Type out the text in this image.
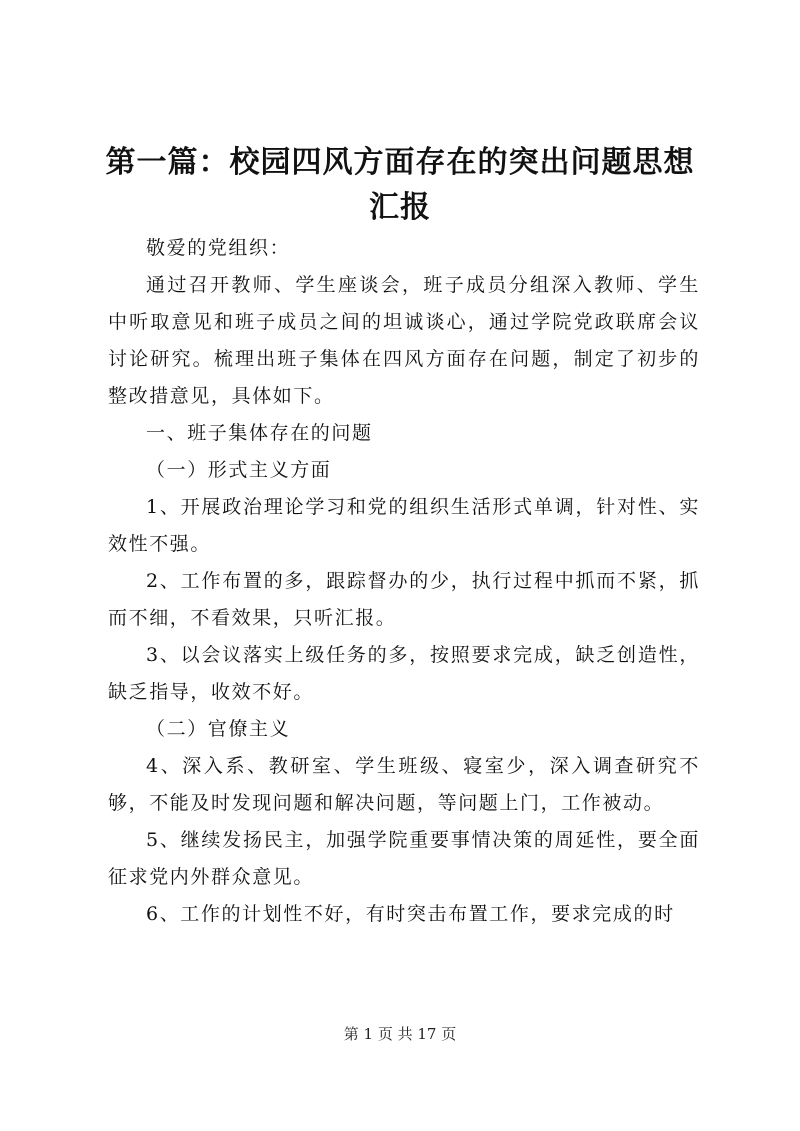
第一篇：校园四风方面存在的突出问题思想汇报

敬爱的党组织：

通过召开教师、学生座谈会，班子成员分组深入教师、学生中听取意见和班子成员之间的坦诚谈心，通过学院党政联席会议讨论研究。梳理出班子集体在四风方面存在问题，制定了初步的整改措意见，具体如下。

一、班子集体存在的问题

（一）形式主义方面

1、开展政治理论学习和党的组织生活形式单调，针对性、实效性不强。

2、工作布置的多，跟踪督办的少，执行过程中抓而不紧，抓而不细，不看效果，只听汇报。

3、以会议落实上级任务的多，按照要求完成，缺乏创造性，缺乏指导，收效不好。

（二）官僚主义

4、深入系、教研室、学生班级、寝室少，深入调查研究不够，不能及时发现问题和解决问题，等问题上门，工作被动。

5、继续发扬民主，加强学院重要事情决策的周延性，要全面征求党内外群众意见。

6、工作的计划性不好，有时突击布置工作，要求完成的时

第 1 页 共 17 页
